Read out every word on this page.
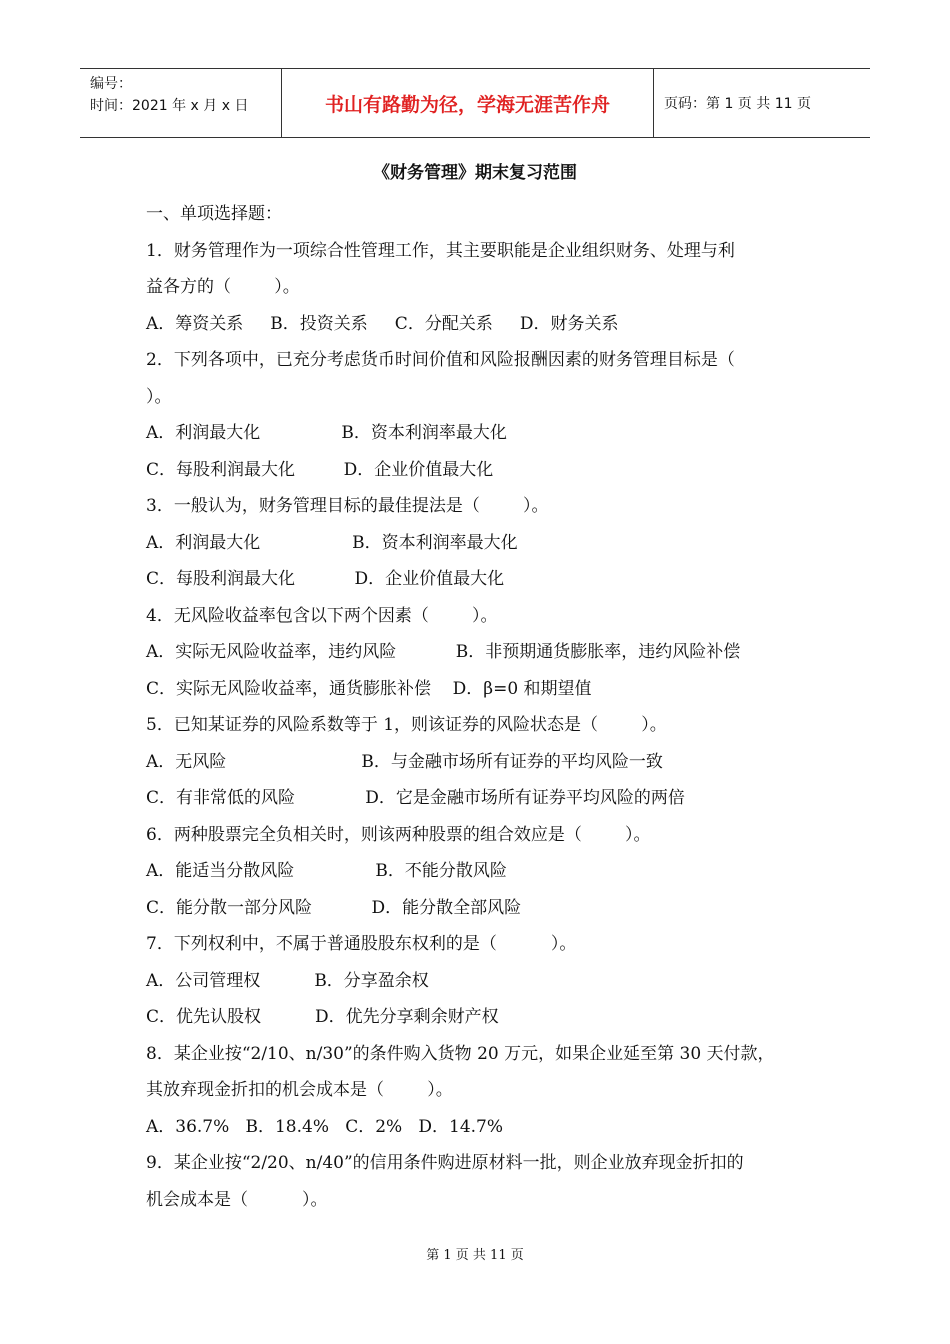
编号：
时间：2021 年 x 月 x 日	书山有路勤为径，学海无涯苦作舟	页码：第 1 页 共 11 页
《财务管理》期末复习范围
一、单项选择题：
1．财务管理作为一项综合性管理工作，其主要职能是企业组织财务、处理与利
益各方的（        ）。
A．筹资关系     B．投资关系     C．分配关系     D．财务关系
2．下列各项中，已充分考虑货币时间价值和风险报酬因素的财务管理目标是（
）。
A．利润最大化               B．资本利润率最大化
C．每股利润最大化         D．企业价值最大化
3．一般认为，财务管理目标的最佳提法是（        ）。
A．利润最大化                 B．资本利润率最大化
C．每股利润最大化           D．企业价值最大化
4．无风险收益率包含以下两个因素（        ）。
A．实际无风险收益率，违约风险           B．非预期通货膨胀率，违约风险补偿
C．实际无风险收益率，通货膨胀补偿    D．β=0 和期望值
5．已知某证券的风险系数等于 1，则该证券的风险状态是（        ）。
A．无风险                         B．与金融市场所有证券的平均风险一致
C．有非常低的风险             D．它是金融市场所有证券平均风险的两倍
6．两种股票完全负相关时，则该两种股票的组合效应是（        ）。
A．能适当分散风险               B．不能分散风险
C．能分散一部分风险           D．能分散全部风险
7．下列权利中，不属于普通股股东权利的是（          ）。
A．公司管理权          B．分享盈余权
C．优先认股权          D．优先分享剩余财产权
8．某企业按“2/10、n/30”的条件购入货物 20 万元，如果企业延至第 30 天付款，
其放弃现金折扣的机会成本是（        ）。
A．36.7%   B．18.4%   C．2%   D．14.7%
9．某企业按“2/20、n/40”的信用条件购进原材料一批，则企业放弃现金折扣的
机会成本是（          ）。
第 1 页 共 11 页
